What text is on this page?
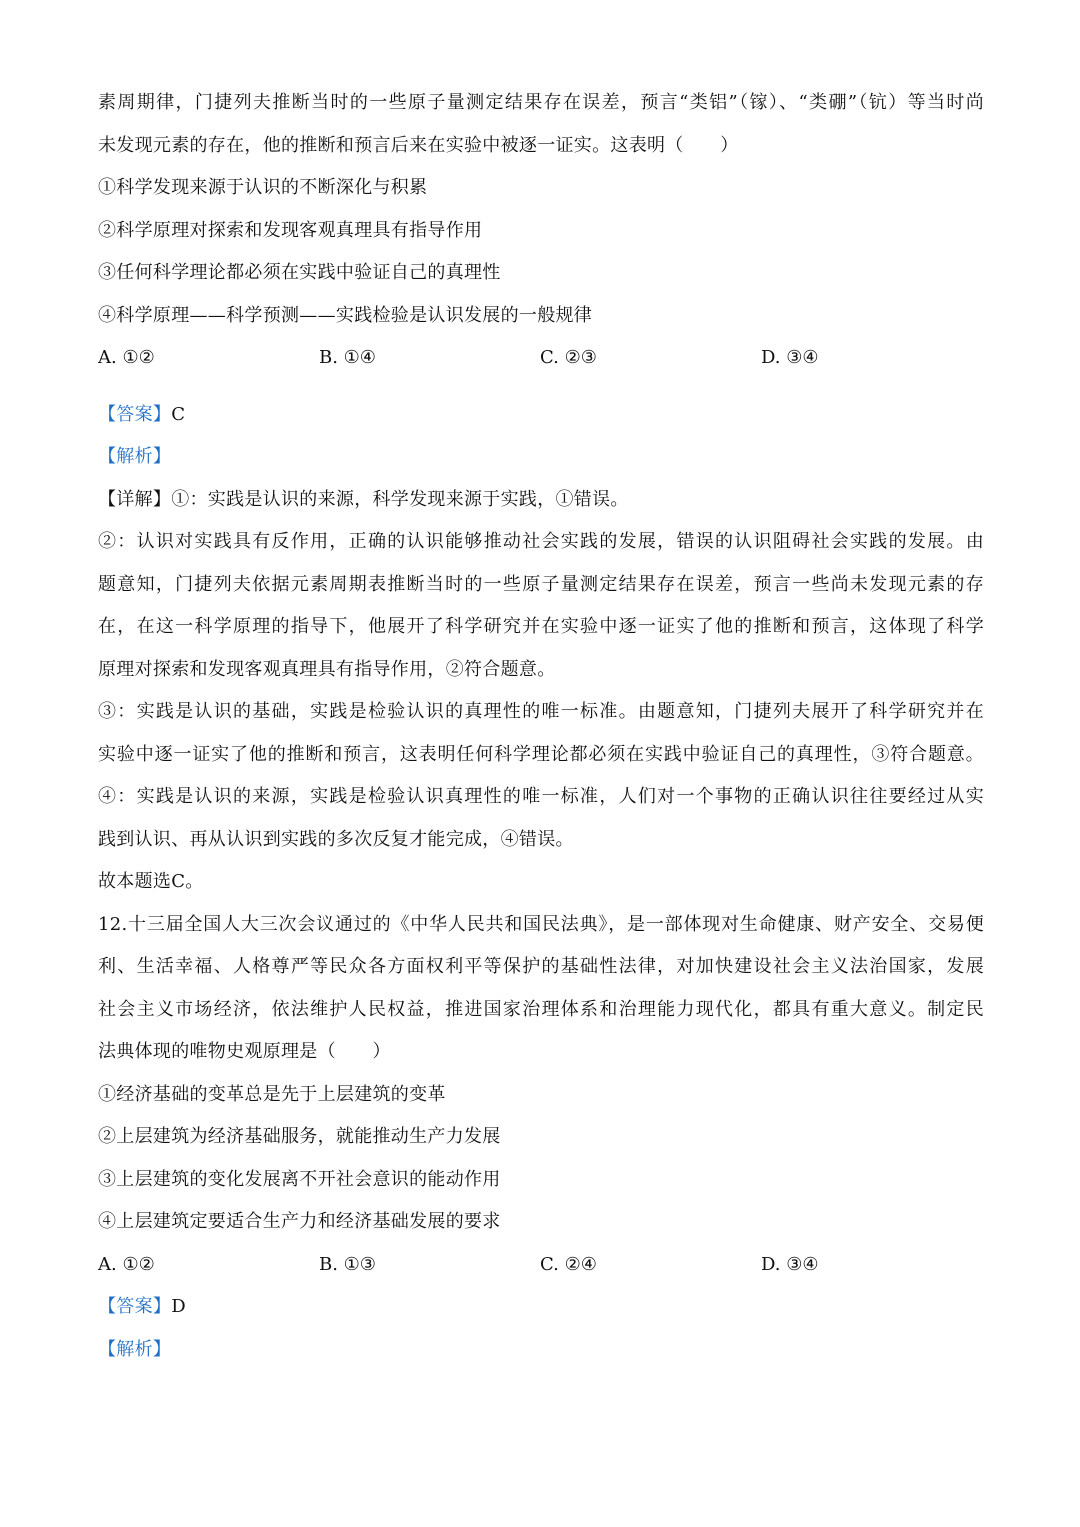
素周期律，门捷列夫推断当时的一些原子量测定结果存在误差，预言“类铝”（镓）、“类硼”（钪）等当时尚
未发现元素的存在，他的推断和预言后来在实验中被逐一证实。这表明（　　）
①科学发现来源于认识的不断深化与积累
②科学原理对探索和发现客观真理具有指导作用
③任何科学理论都必须在实践中验证自己的真理性
④科学原理——科学预测——实践检验是认识发展的一般规律
A. ①②	B. ①④	C. ②③	D. ③④
【答案】C
【解析】
【详解】①：实践是认识的来源，科学发现来源于实践，①错误。
②：认识对实践具有反作用，正确的认识能够推动社会实践的发展，错误的认识阻碍社会实践的发展。由
题意知，门捷列夫依据元素周期表推断当时的一些原子量测定结果存在误差，预言一些尚未发现元素的存
在，在这一科学原理的指导下，他展开了科学研究并在实验中逐一证实了他的推断和预言，这体现了科学
原理对探索和发现客观真理具有指导作用，②符合题意。
③：实践是认识的基础，实践是检验认识的真理性的唯一标准。由题意知，门捷列夫展开了科学研究并在
实验中逐一证实了他的推断和预言，这表明任何科学理论都必须在实践中验证自己的真理性，③符合题意。
④：实践是认识的来源，实践是检验认识真理性的唯一标准，人们对一个事物的正确认识往往要经过从实
践到认识、再从认识到实践的多次反复才能完成，④错误。
故本题选C。
12.十三届全国人大三次会议通过的《中华人民共和国民法典》，是一部体现对生命健康、财产安全、交易便
利、生活幸福、人格尊严等民众各方面权利平等保护的基础性法律，对加快建设社会主义法治国家，发展
社会主义市场经济，依法维护人民权益，推进国家治理体系和治理能力现代化，都具有重大意义。制定民
法典体现的唯物史观原理是（　　）
①经济基础的变革总是先于上层建筑的变革
②上层建筑为经济基础服务，就能推动生产力发展
③上层建筑的变化发展离不开社会意识的能动作用
④上层建筑定要适合生产力和经济基础发展的要求
A. ①②	B. ①③	C. ②④	D. ③④
【答案】D
【解析】
